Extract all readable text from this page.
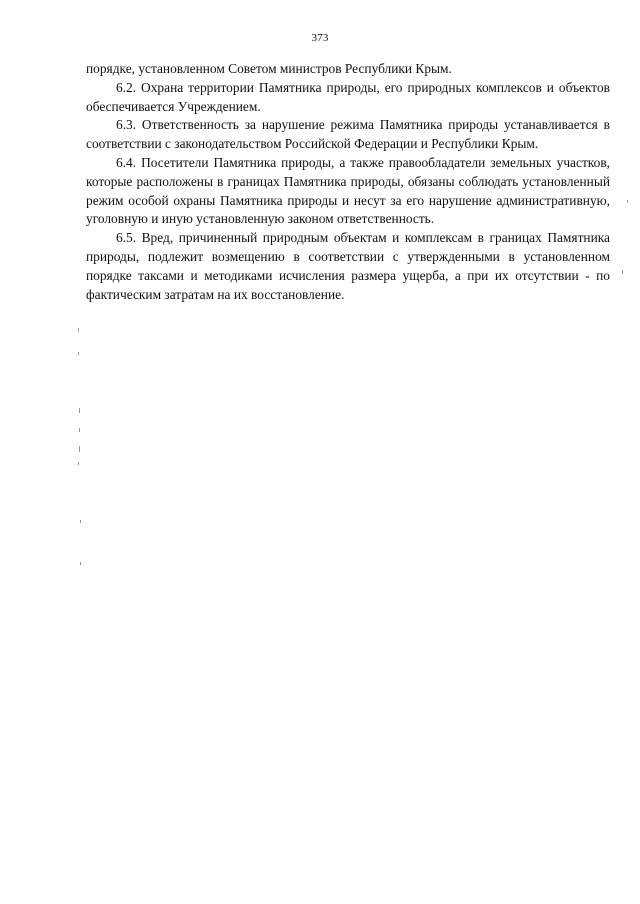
373

порядке, установленном Советом министров Республики Крым.

6.2. Охрана территории Памятника природы, его природных комплексов и объектов обеспечивается Учреждением.

6.3. Ответственность за нарушение режима Памятника природы устанавливается в соответствии с законодательством Российской Федерации и Республики Крым.

6.4. Посетители Памятника природы, а также правообладатели земельных участков, которые расположены в границах Памятника природы, обязаны соблюдать установленный режим особой охраны Памятника природы и несут за его нарушение административную, уголовную и иную установленную законом ответственность.

6.5. Вред, причиненный природным объектам и комплексам в границах Памятника природы, подлежит возмещению в соответствии с утвержденными в установленном порядке таксами и методиками исчисления размера ущерба, а при их отсутствии - по фактическим затратам на их восстановление.
